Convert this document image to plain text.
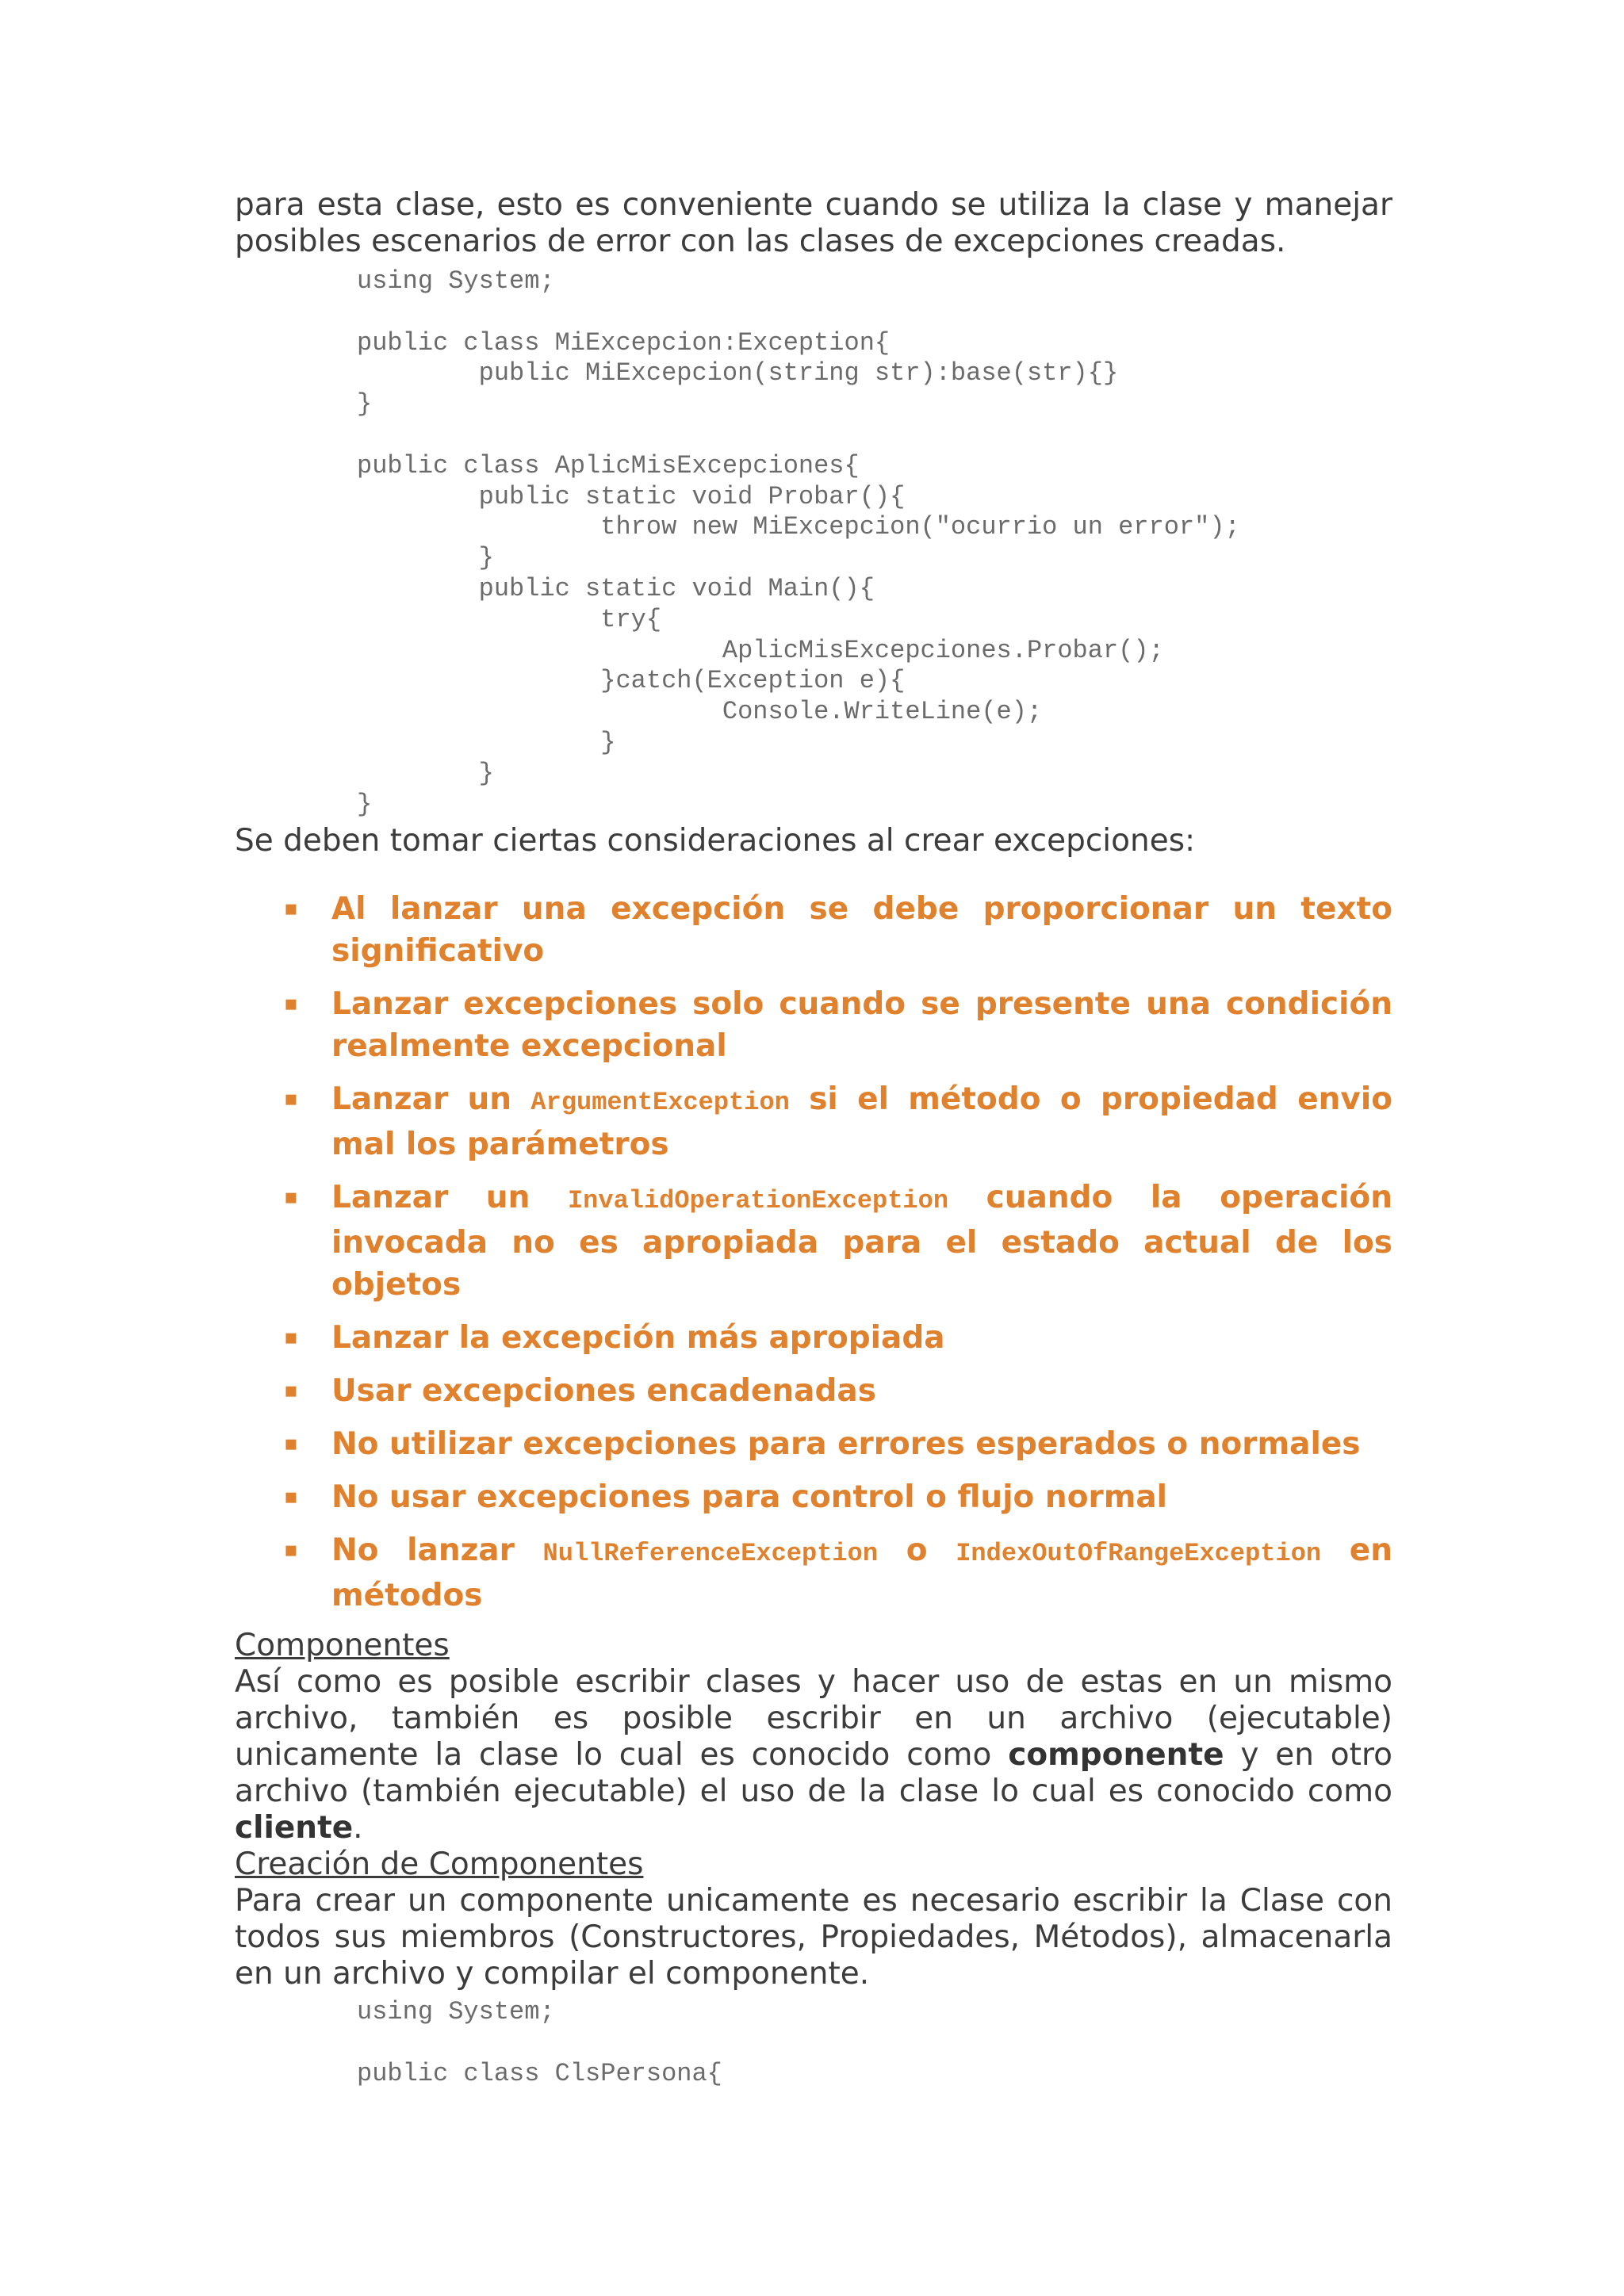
para esta clase, esto es conveniente cuando se utiliza la clase y manejar posibles escenarios de error con las clases de excepciones creadas.

using System;

public class MiExcepcion:Exception{
public MiExcepcion(string str):base(str){}
}

public class AplicMisExcepciones{
public static void Probar(){
throw new MiExcepcion("ocurrio un error");
}
public static void Main(){
try{
AplicMisExcepciones.Probar();
}catch(Exception e){
Console.WriteLine(e);
}
}
}

Se deben tomar ciertas consideraciones al crear excepciones:

▪ Al lanzar una excepción se debe proporcionar un texto significativo
▪ Lanzar excepciones solo cuando se presente una condición realmente excepcional
▪ Lanzar un ArgumentException si el método o propiedad envio mal los parámetros
▪ Lanzar un InvalidOperationException cuando la operación invocada no es apropiada para el estado actual de los objetos
▪ Lanzar la excepción más apropiada
▪ Usar excepciones encadenadas
▪ No utilizar excepciones para errores esperados o normales
▪ No usar excepciones para control o flujo normal
▪ No lanzar NullReferenceException o IndexOutOfRangeException en métodos

Componentes

Así como es posible escribir clases y hacer uso de estas en un mismo archivo, también es posible escribir en un archivo (ejecutable) unicamente la clase lo cual es conocido como componente y en otro archivo (también ejecutable) el uso de la clase lo cual es conocido como cliente.

Creación de Componentes

Para crear un componente unicamente es necesario escribir la Clase con todos sus miembros (Constructores, Propiedades, Métodos), almacenarla en un archivo y compilar el componente.

using System;

public class ClsPersona{
